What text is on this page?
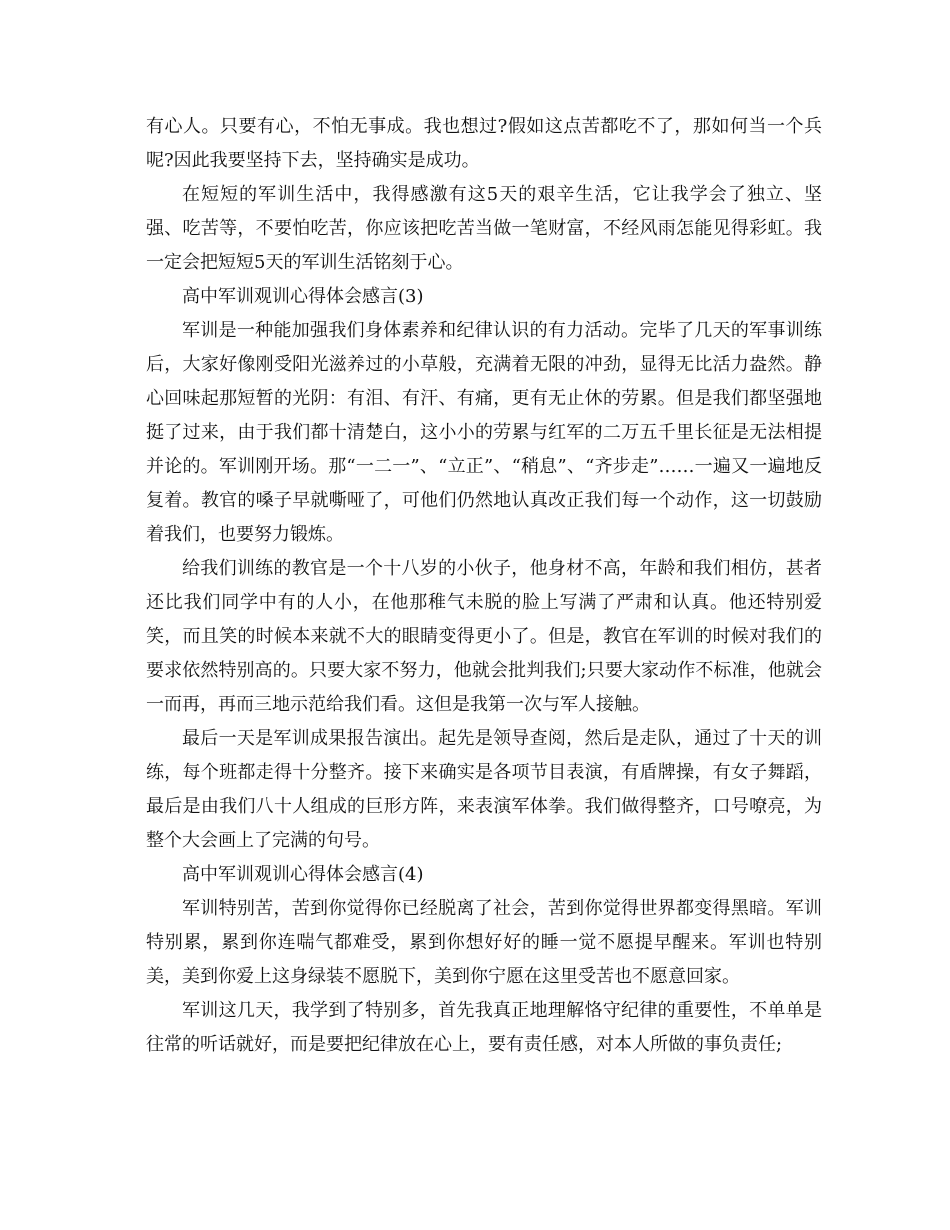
有心人。只要有心，不怕无事成。我也想过?假如这点苦都吃不了，那如何当一个兵呢?因此我要坚持下去，坚持确实是成功。

在短短的军训生活中，我得感激有这5天的艰辛生活，它让我学会了独立、坚强、吃苦等，不要怕吃苦，你应该把吃苦当做一笔财富，不经风雨怎能见得彩虹。我一定会把短短5天的军训生活铭刻于心。

高中军训观训心得体会感言(3)

军训是一种能加强我们身体素养和纪律认识的有力活动。完毕了几天的军事训练后，大家好像刚受阳光滋养过的小草般，充满着无限的冲劲，显得无比活力盎然。静心回味起那短暂的光阴：有泪、有汗、有痛，更有无止休的劳累。但是我们都坚强地挺了过来，由于我们都十清楚白，这小小的劳累与红军的二万五千里长征是无法相提并论的。军训刚开场。那“一二一”、“立正”、“稍息”、“齐步走”……一遍又一遍地反复着。教官的嗓子早就嘶哑了，可他们仍然地认真改正我们每一个动作，这一切鼓励着我们，也要努力锻炼。

给我们训练的教官是一个十八岁的小伙子，他身材不高，年龄和我们相仿，甚者还比我们同学中有的人小，在他那稚气未脱的脸上写满了严肃和认真。他还特别爱笑，而且笑的时候本来就不大的眼睛变得更小了。但是，教官在军训的时候对我们的要求依然特别高的。只要大家不努力，他就会批判我们;只要大家动作不标准，他就会一而再，再而三地示范给我们看。这但是我第一次与军人接触。

最后一天是军训成果报告演出。起先是领导查阅，然后是走队，通过了十天的训练，每个班都走得十分整齐。接下来确实是各项节目表演，有盾牌操，有女子舞蹈，最后是由我们八十人组成的巨形方阵，来表演军体拳。我们做得整齐，口号嘹亮，为整个大会画上了完满的句号。

高中军训观训心得体会感言(4)

军训特别苦，苦到你觉得你已经脱离了社会，苦到你觉得世界都变得黑暗。军训特别累，累到你连喘气都难受，累到你想好好的睡一觉不愿提早醒来。军训也特别美，美到你爱上这身绿装不愿脱下，美到你宁愿在这里受苦也不愿意回家。

军训这几天，我学到了特别多，首先我真正地理解恪守纪律的重要性，不单单是往常的听话就好，而是要把纪律放在心上，要有责任感，对本人所做的事负责任;
